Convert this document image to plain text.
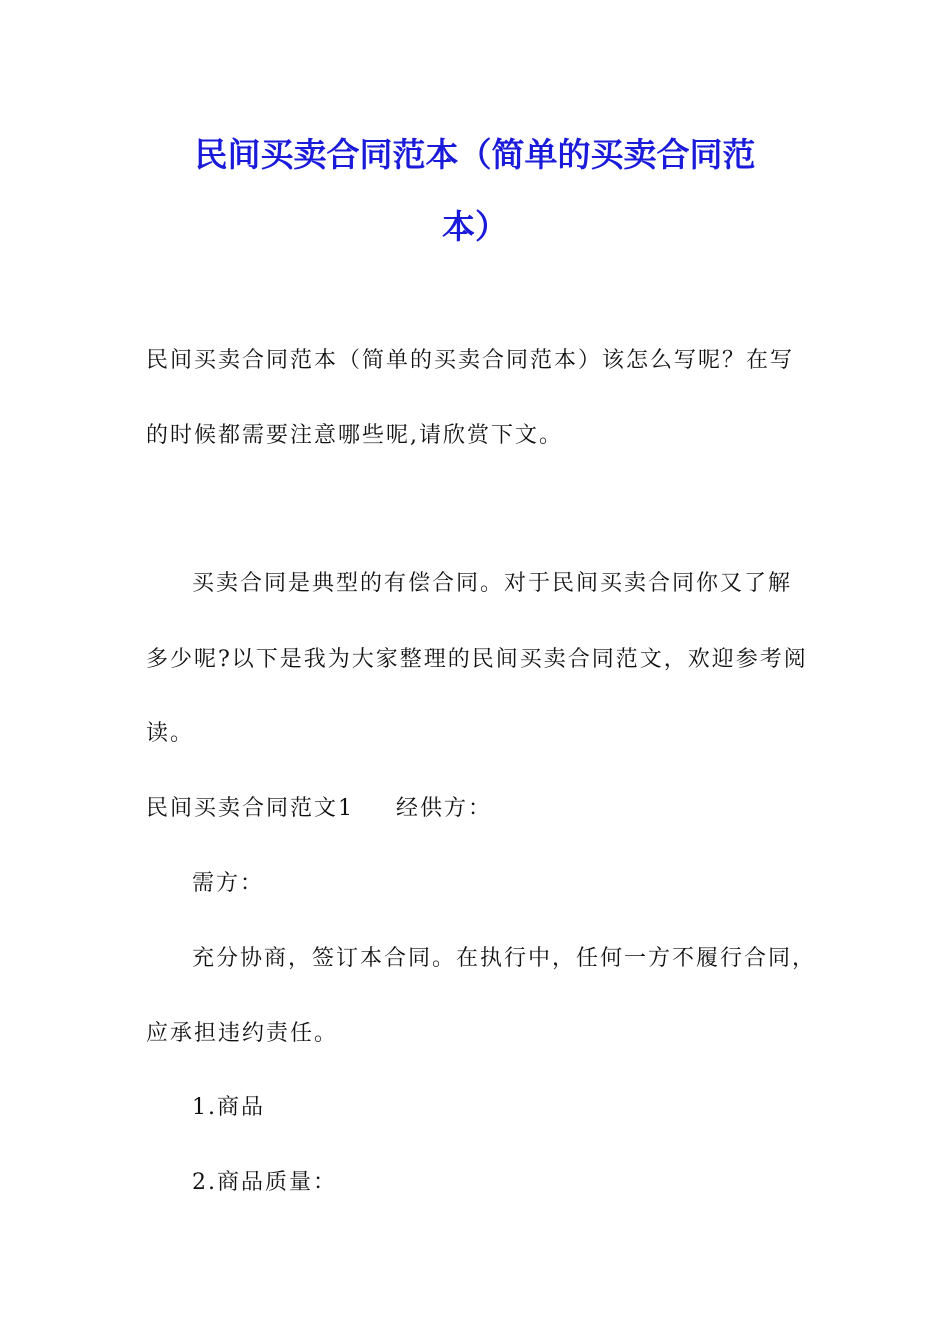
民间买卖合同范本（简单的买卖合同范
本）

民间买卖合同范本（简单的买卖合同范本）该怎么写呢？在写

的时候都需要注意哪些呢,请欣赏下文。

买卖合同是典型的有偿合同。对于民间买卖合同你又了解

多少呢?以下是我为大家整理的民间买卖合同范文，欢迎参考阅

读。

民间买卖合同范文1 经供方：

需方：

充分协商，签订本合同。在执行中，任何一方不履行合同，

应承担违约责任。

1.商品

2.商品质量：
